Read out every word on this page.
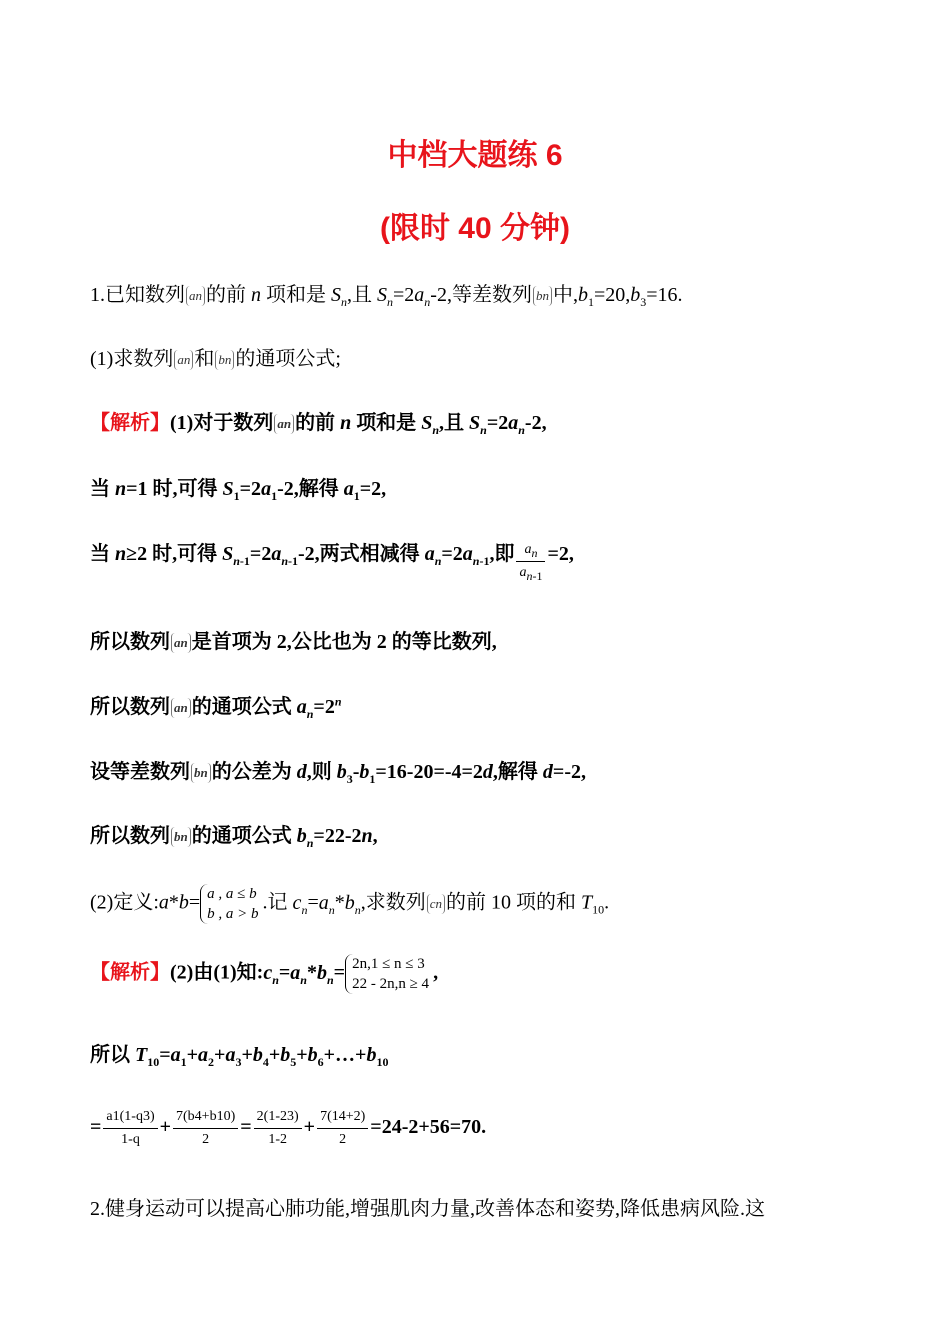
中档大题练 6
(限时 40 分钟)
1.已知数列 an 的前 n 项和是 $S_n$,且 $S_n=2a_n-2$,等差数列 bn 中$,b_1=20,b_3=16$.
(1)求数列 an 和 bn 的通项公式;
【解析】(1)对于数列 an 的前 n 项和是 $S_n$,且 $S_n=2a_n-2$,
当 n=1 时,可得 $S_1=2a_1-2$,解得 $a_1=2$,
当 n≥2 时,可得 $S_{n-1}=2a_{n-1}-2$,两式相减得 $a_n=2a_{n-1}$,即 $\frac{a_n}{a_{n-1}} =2$,
所以数列 an 是首项为 2,公比也为 2 的等比数列,
所以数列 an 的通项公式 $a_n=2^n$
设等差数列 bn 的公差为 d,则 $b_3-b_1=16-20=-4=2d$,解得 d=-2,
所以数列 bn 的通项公式 $b_n=22-2n$,
(2)定义:a*b= a , a ≤ b
b , a > b
.记 $c_n=a_n*b_n$,求数列 cn 的前 10 项的和 $T_{10}$.
【解析】(2)由(1)知$:c_n=a_n*b_n= 2n,1 \le n \le 3$
22 - 2n,n ≥ 4
,
所以 $T_{10}=a_1+a_2+a_3+b_4+b_5+b_6+\dots+b_{10}$
= $\frac{a1(1-q3)}{1-q} + \frac{7(b4+b10)}{2} = \frac{2(1-23)}{1-2} + \frac{7(14+2)}{2} =24-2+56=70$.
2.健身运动可以提高心肺功能,增强肌肉力量,改善体态和姿势,降低患病风险.这
